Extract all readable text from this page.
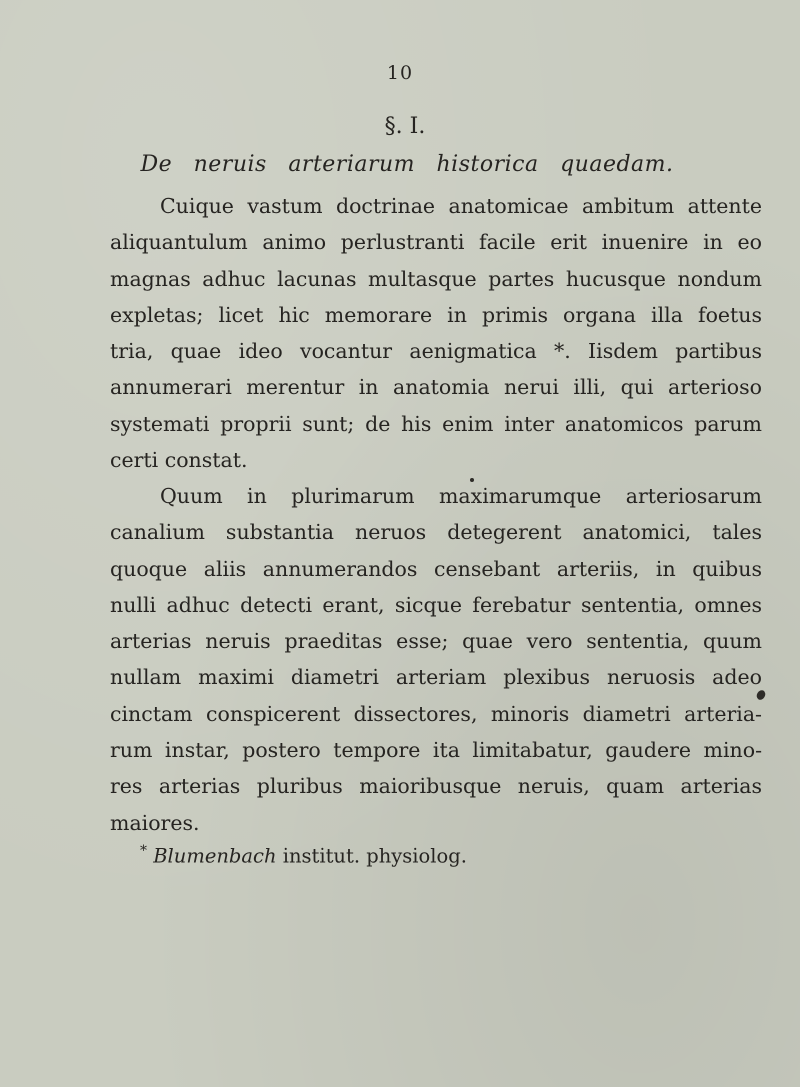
10
§. I.
De neruis arteriarum historica quaedam.
Cuique vastum doctrinae anatomicae ambitum attente
aliquantulum animo perlustranti facile erit inuenire in eo
magnas adhuc lacunas multasque partes hucusque nondum
expletas; licet hic memorare in primis organa illa foetus
tria, quae ideo vocantur aenigmatica *. Iisdem partibus
annumerari merentur in anatomia nerui illi, qui arterioso
systemati proprii sunt; de his enim inter anatomicos parum
certi constat.
Quum in plurimarum maximarumque arteriosarum
canalium substantia neruos detegerent anatomici, tales
quoque aliis annumerandos censebant arteriis, in quibus
nulli adhuc detecti erant, sicque ferebatur sententia, omnes
arterias neruis praeditas esse; quae vero sententia, quum
nullam maximi diametri arteriam plexibus neruosis adeo
cinctam conspicerent dissectores, minoris diametri arteria-
rum instar, postero tempore ita limitabatur, gaudere mino-
res arterias pluribus maioribusque neruis, quam arterias
maiores.
* Blumenbach institut. physiolog.
